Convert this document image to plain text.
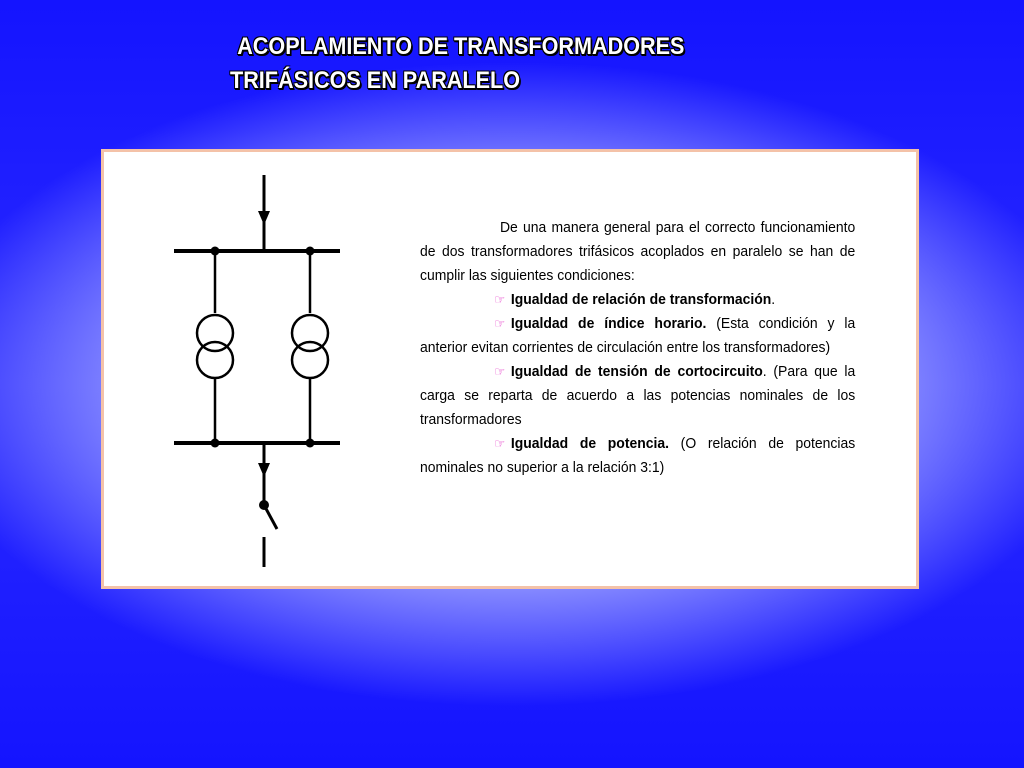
ACOPLAMIENTO DE TRANSFORMADORES
TRIFÁSICOS EN PARALELO

De una manera general para el correcto funcionamiento de dos transformadores trifásicos acoplados en paralelo se han de cumplir las siguientes condiciones:

☞ Igualdad de relación de transformación.

☞ Igualdad de índice horario. (Esta condición y la anterior evitan corrientes de circulación entre los transformadores)

☞ Igualdad de tensión de cortocircuito. (Para que la carga se reparta de acuerdo a las potencias nominales de los transformadores

☞ Igualdad de potencia. (O relación de potencias nominales no superior a la relación 3:1)
